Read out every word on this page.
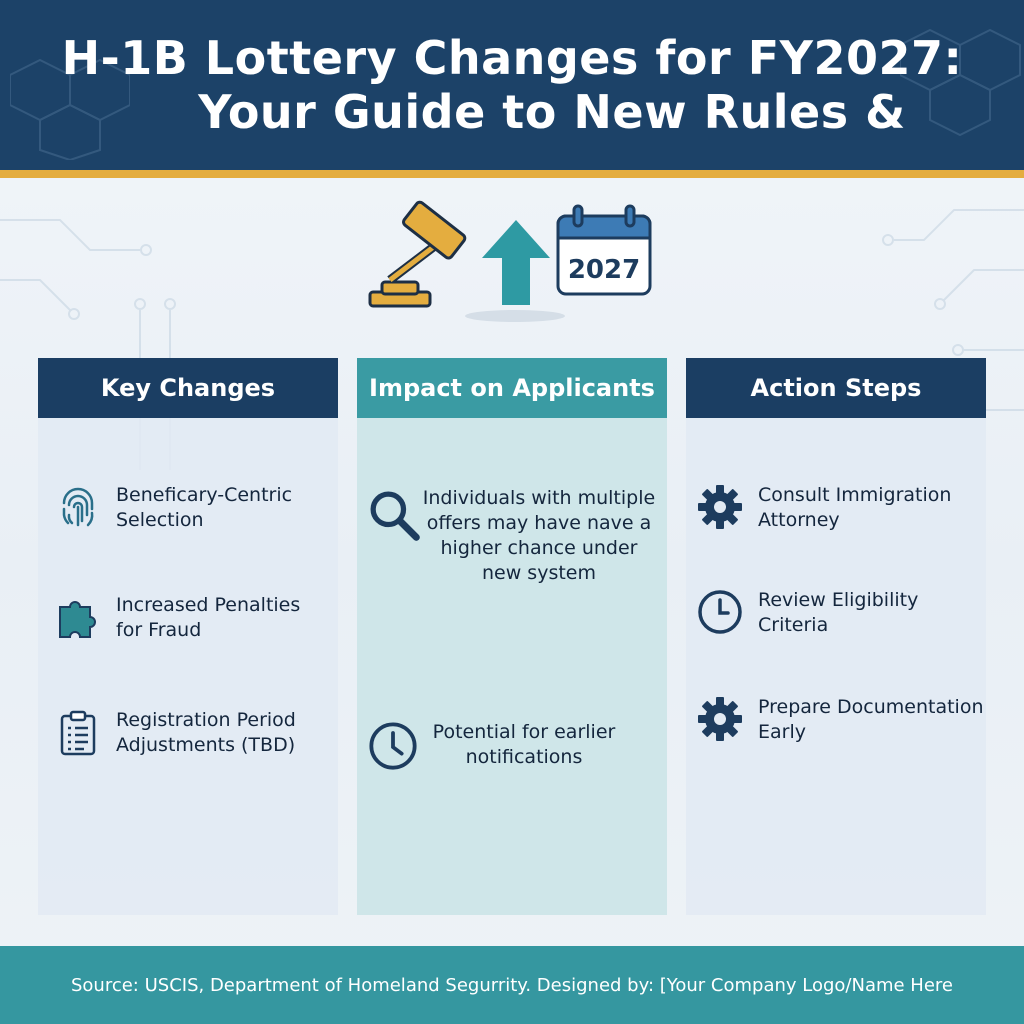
H-1B Lottery Changes for FY2027:
Your Guide to New Rules &
2027
Key Changes
Beneficary-Centric
Selection
Increased Penalties
for Fraud
Registration Period
Adjustments (TBD)
Impact on Applicants
Individuals with multiple
offers may have nave a
higher chance under
new system
Potential for earlier
notifications
Action Steps
Consult Immigration
Attorney
Review Eligibility
Criteria
Prepare Documentation
Early
Source: USCIS, Department of Homeland Segurrity. Designed by: [Your Company Logo/Name Here
